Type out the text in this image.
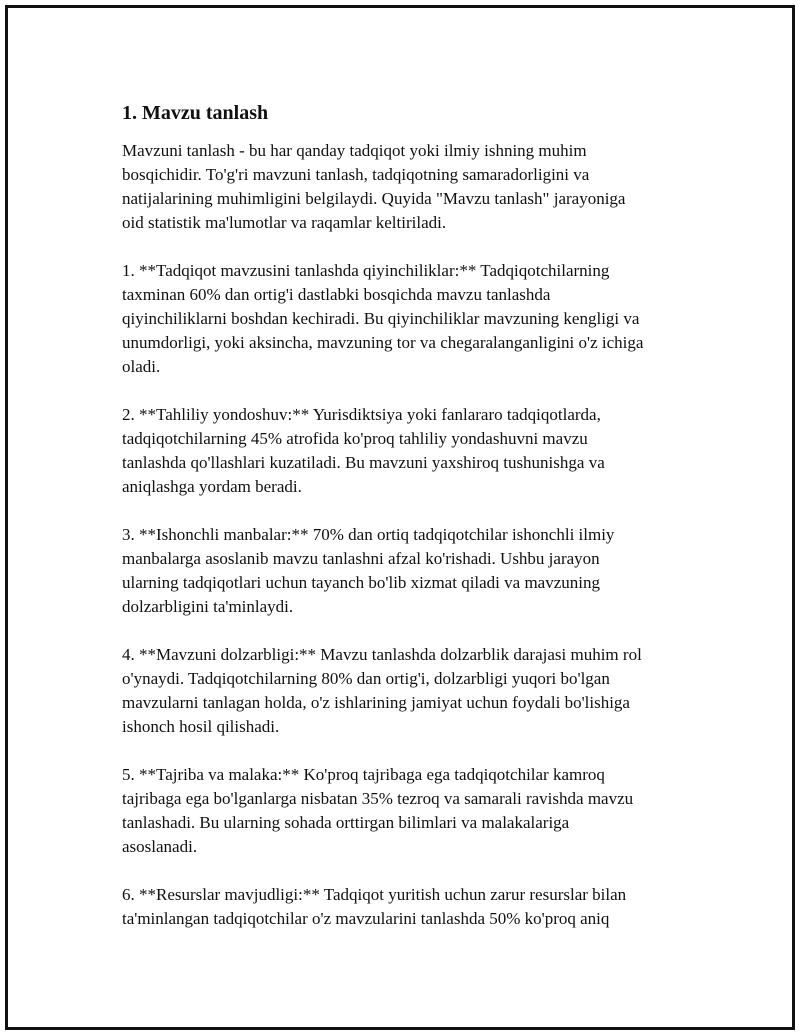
1. Mavzu tanlash

Mavzuni tanlash - bu har qanday tadqiqot yoki ilmiy ishning muhim
bosqichidir. To'g'ri mavzuni tanlash, tadqiqotning samaradorligini va
natijalarining muhimligini belgilaydi. Quyida "Mavzu tanlash" jarayoniga
oid statistik ma'lumotlar va raqamlar keltiriladi.

1. **Tadqiqot mavzusini tanlashda qiyinchiliklar:** Tadqiqotchilarning
taxminan 60% dan ortig'i dastlabki bosqichda mavzu tanlashda
qiyinchiliklarni boshdan kechiradi. Bu qiyinchiliklar mavzuning kengligi va
unumdorligi, yoki aksincha, mavzuning tor va chegaralanganligini o'z ichiga
oladi.

2. **Tahliliy yondoshuv:** Yurisdiktsiya yoki fanlararo tadqiqotlarda,
tadqiqotchilarning 45% atrofida ko'proq tahliliy yondashuvni mavzu
tanlashda qo'llashlari kuzatiladi. Bu mavzuni yaxshiroq tushunishga va
aniqlashga yordam beradi.

3. **Ishonchli manbalar:** 70% dan ortiq tadqiqotchilar ishonchli ilmiy
manbalarga asoslanib mavzu tanlashni afzal ko'rishadi. Ushbu jarayon
ularning tadqiqotlari uchun tayanch bo'lib xizmat qiladi va mavzuning
dolzarbligini ta'minlaydi.

4. **Mavzuni dolzarbligi:** Mavzu tanlashda dolzarblik darajasi muhim rol
o'ynaydi. Tadqiqotchilarning 80% dan ortig'i, dolzarbligi yuqori bo'lgan
mavzularni tanlagan holda, o'z ishlarining jamiyat uchun foydali bo'lishiga
ishonch hosil qilishadi.

5. **Tajriba va malaka:** Ko'proq tajribaga ega tadqiqotchilar kamroq
tajribaga ega bo'lganlarga nisbatan 35% tezroq va samarali ravishda mavzu
tanlashadi. Bu ularning sohada orttirgan bilimlari va malakalariga
asoslanadi.

6. **Resurslar mavjudligi:** Tadqiqot yuritish uchun zarur resurslar bilan
ta'minlangan tadqiqotchilar o'z mavzularini tanlashda 50% ko'proq aniq
